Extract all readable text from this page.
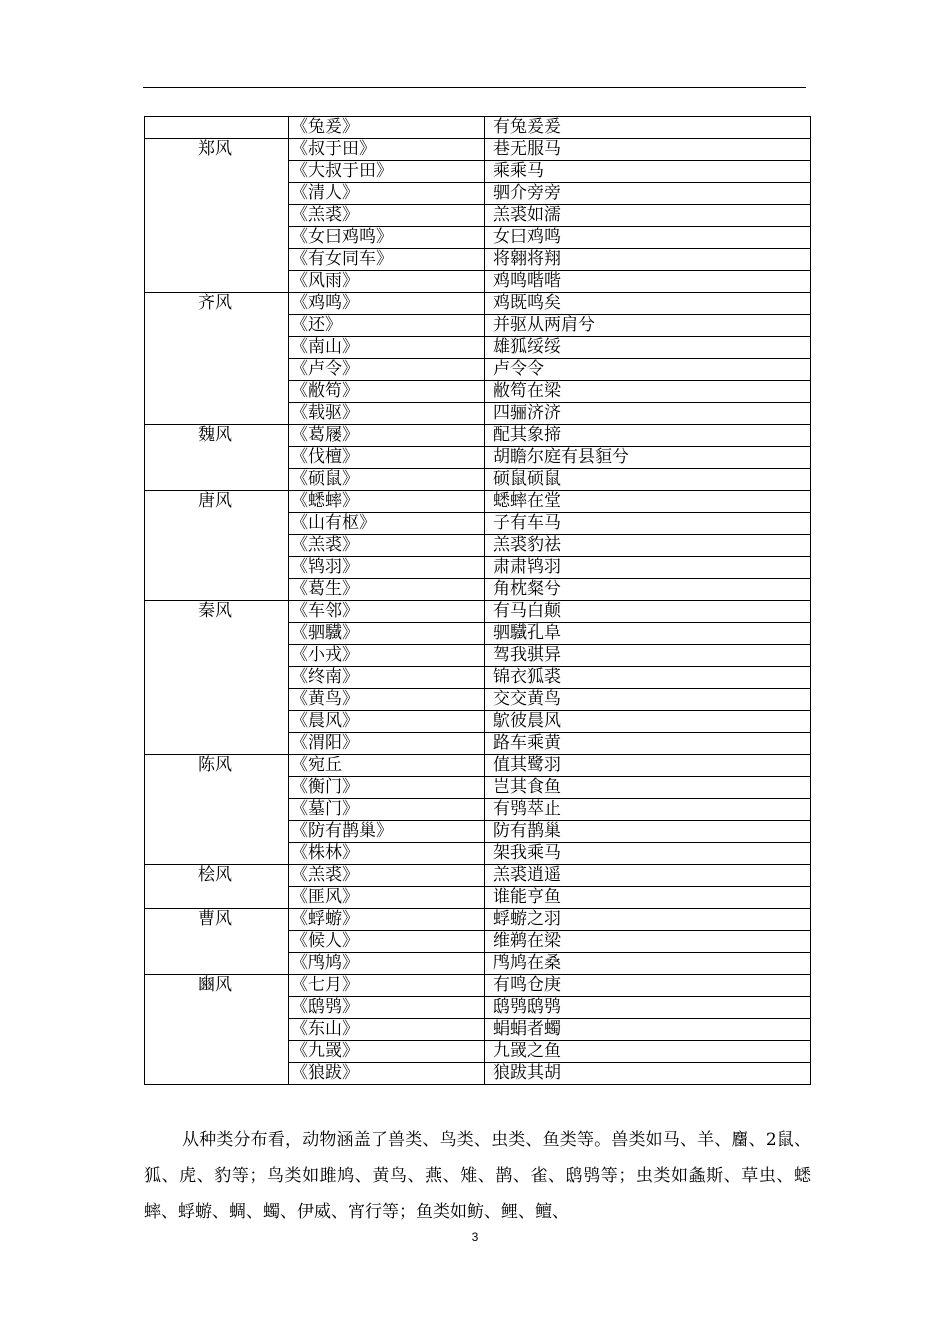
	《兔爰》	有兔爰爰
郑风	《叔于田》	巷无服马
	《大叔于田》	乘乘马
	《清人》	驷介旁旁
	《羔裘》	羔裘如濡
	《女曰鸡鸣》	女曰鸡鸣
	《有女同车》	将翱将翔
	《风雨》	鸡鸣喈喈
齐风	《鸡鸣》	鸡既鸣矣
	《还》	并驱从两肩兮
	《南山》	雄狐绥绥
	《卢令》	卢令令
	《敝笱》	敝笱在梁
	《载驱》	四骊济济
魏风	《葛屦》	配其象揥
	《伐檀》	胡瞻尔庭有县貆兮
	《硕鼠》	硕鼠硕鼠
唐风	《蟋蟀》	蟋蟀在堂
	《山有枢》	子有车马
	《羔裘》	羔裘豹祛
	《鸨羽》	肃肃鸨羽
	《葛生》	角枕粲兮
秦风	《车邻》	有马白颠
	《驷驖》	驷驖孔阜
	《小戎》	驾我骐异
	《终南》	锦衣狐裘
	《黄鸟》	交交黄鸟
	《晨风》	鴥彼晨风
	《渭阳》	路车乘黄
陈风	《宛丘	值其鹭羽
	《衡门》	岂其食鱼
	《墓门》	有鸮萃止
	《防有鹊巢》	防有鹊巢
	《株林》	架我乘马
桧风	《羔裘》	羔裘逍遥
	《匪风》	谁能亨鱼
曹风	《蜉蝣》	蜉蝣之羽
	《候人》	维鹈在梁
	《鸤鸠》	鸤鸠在桑
豳风	《七月》	有鸣仓庚
	《鸱鸮》	鸱鸮鸱鸮
	《东山》	蜎蜎者蠋
	《九罭》	九罭之鱼
	《狼跋》	狼跋其胡

从种类分布看，动物涵盖了兽类、鸟类、虫类、鱼类等。兽类如马、羊、麕、2鼠、狐、虎、豹等；鸟类如雎鸠、黄鸟、燕、雉、鹊、雀、鸱鸮等；虫类如螽斯、草虫、蟋蟀、蜉蝣、蜩、蠋、伊威、宵行等；鱼类如鲂、鲤、鳣、

3
